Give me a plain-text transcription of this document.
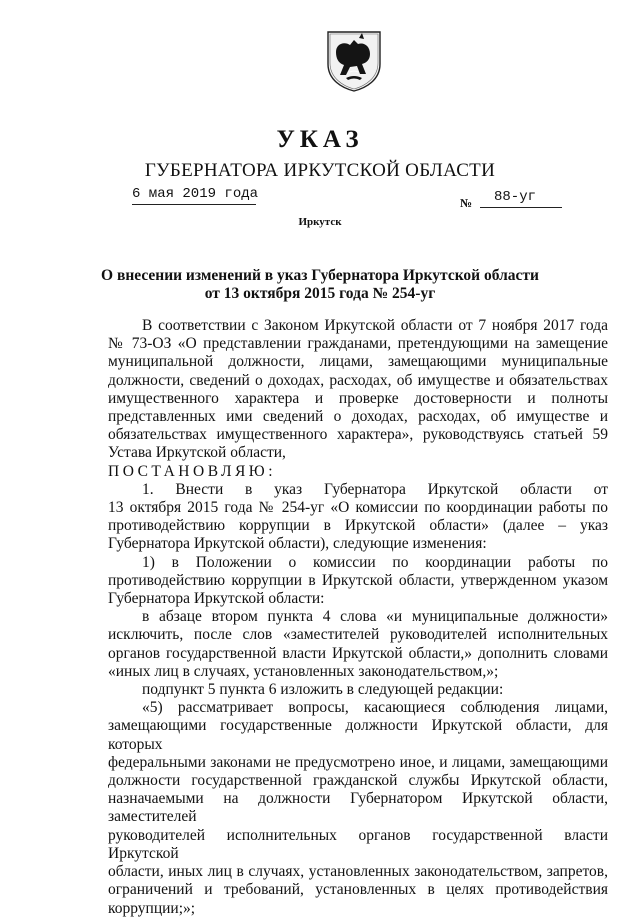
УКАЗ
ГУБЕРНАТОРА ИРКУТСКОЙ ОБЛАСТИ
6 мая 2019 года
№ 88-уг
Иркутск
О внесении изменений в указ Губернатора Иркутской области
от 13 октября 2015 года № 254-уг

В соответствии с Законом Иркутской области от 7 ноября 2017 года

№ 73-ОЗ «О представлении гражданами, претендующими на замещение

муниципальной должности, лицами, замещающими муниципальные

должности, сведений о доходах, расходах, об имуществе и обязательствах

имущественного характера и проверке достоверности и полноты

представленных ими сведений о доходах, расходах, об имуществе и

обязательствах имущественного характера», руководствуясь статьей 59

Устава Иркутской области,

ПОСТАНОВЛЯЮ:

1. Внести в указ Губернатора Иркутской области от

13 октября 2015 года № 254-уг «О комиссии по координации работы по

противодействию коррупции в Иркутской области» (далее – указ

Губернатора Иркутской области), следующие изменения:

1) в Положении о комиссии по координации работы по

противодействию коррупции в Иркутской области, утвержденном указом

Губернатора Иркутской области:

в абзаце втором пункта 4 слова «и муниципальные должности»

исключить, после слов «заместителей руководителей исполнительных

органов государственной власти Иркутской области,» дополнить словами

«иных лиц в случаях, установленных законодательством,»;

подпункт 5 пункта 6 изложить в следующей редакции:

«5) рассматривает вопросы, касающиеся соблюдения лицами,

замещающими государственные должности Иркутской области, для которых

федеральными законами не предусмотрено иное, и лицами, замещающими

должности государственной гражданской службы Иркутской области,

назначаемыми на должности Губернатором Иркутской области, заместителей

руководителей исполнительных органов государственной власти Иркутской

области, иных лиц в случаях, установленных законодательством, запретов,

ограничений и требований, установленных в целях противодействия

коррупции;»;
